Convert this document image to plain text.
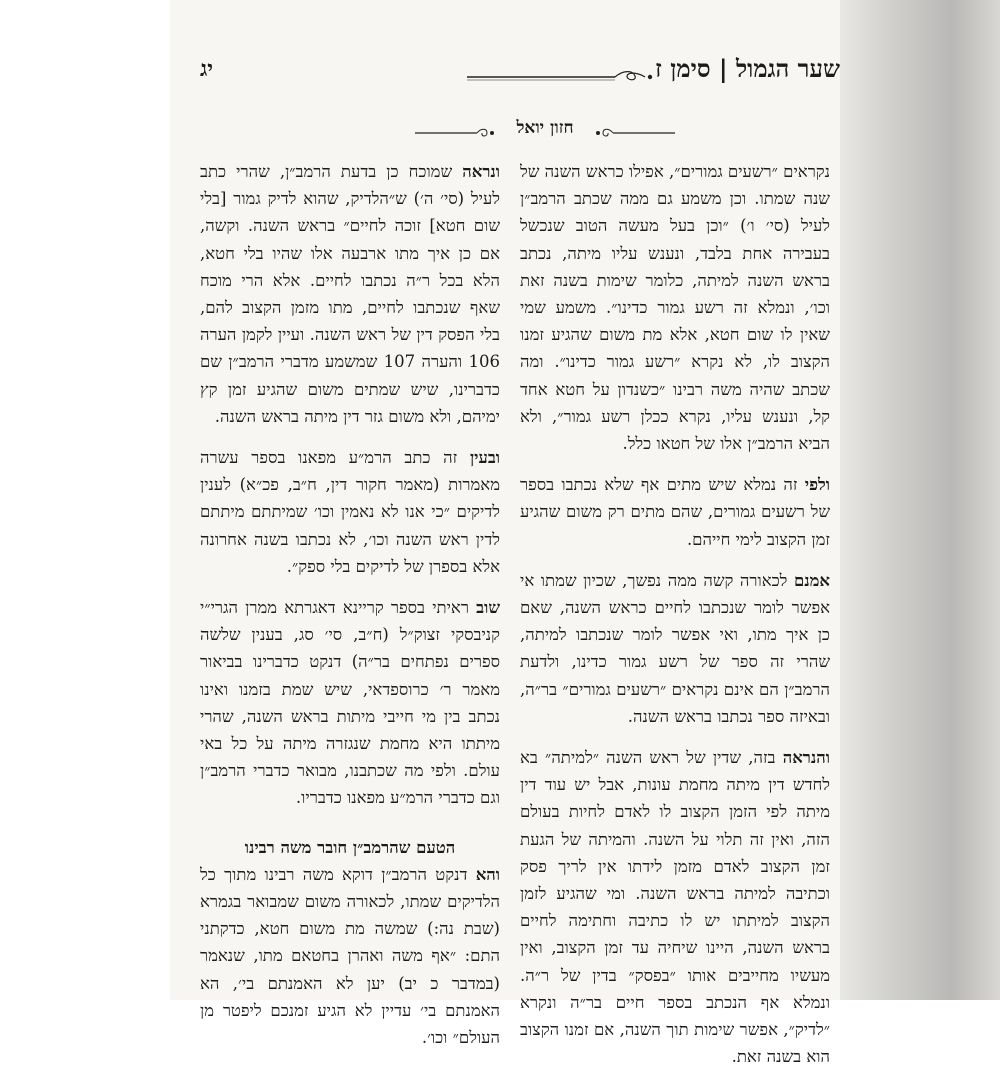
יג	שער הגמול | סימן ז
חזון יואל

נקראים ״רשעים גמורים״, אפילו כראש השנה של שנה שמתו. וכן משמע גם ממה שכתב הרמב״ן לעיל (סי׳ ו׳) ״וכן בעל מעשה הטוב שנכשל בעבירה אחת בלבד, ונענש עליו מיתה, נכתב בראש השנה למיתה, כלומר שימות בשנה זאת וכו׳, ונמלא זה רשע גמור כדינו״. משמע שמי שאין לו שום חטא, אלא מת משום שהגיע זמנו הקצוב לו, לא נקרא ״רשע גמור כדינו״. ומה שכתב שהיה משה רבינו ״כשנדון על חטא אחד קל, ונענש עליו, נקרא ככלן רשע גמור״, ולא הביא הרמב״ן אלו של חטאו כלל.

ולפי זה נמלא שיש מתים אף שלא נכתבו בספר של רשעים גמורים, שהם מתים רק משום שהגיע זמן הקצוב לימי חייהם.

אמנם לכאורה קשה ממה נפשך, שכיון שמתו אי אפשר לומר שנכתבו לחיים כראש השנה, שאם כן איך מתו, ואי אפשר לומר שנכתבו למיתה, שהרי זה ספר של רשע גמור כדינו, ולדעת הרמב״ן הם אינם נקראים ״רשעים גמורים״ בר״ה, ובאיזה ספר נכתבו בראש השנה.

והנראה בזה, שדין של ראש השנה ״למיתה״ בא לחדש דין מיתה מחמת עונות, אבל יש עוד דין מיתה לפי הזמן הקצוב לו לאדם לחיות בעולם הזה, ואין זה תלוי על השנה. והמיתה של הגעת זמן הקצוב לאדם מזמן לידתו אין לריך פסק וכתיבה למיתה בראש השנה. ומי שהגיע לזמן הקצוב למיתתו יש לו כתיבה וחתימה לחיים בראש השנה, היינו שיחיה עד זמן הקצוב, ואין מעשיו מחייבים אותו ״בפסק״ בדין של ר״ה. ונמלא אף הנכתב בספר חיים בר״ה ונקרא ״לדיק״, אפשר שימות תוך השנה, אם זמנו הקצוב הוא בשנה זאת.

ונראה שמוכח כן בדעת הרמב״ן, שהרי כתב לעיל (סי׳ ה׳) ש״הלדיק, שהוא לדיק גמור [בלי שום חטא] זוכה לחיים״ בראש השנה. וקשה, אם כן איך מתו ארבעה אלו שהיו בלי חטא, הלא בכל ר״ה נכתבו לחיים. אלא הרי מוכח שאף שנכתבו לחיים, מתו מזמן הקצוב להם, בלי הפסק דין של ראש השנה. ועיין לקמן הערה 106 והערה 107 שמשמע מדברי הרמב״ן שם כדברינו, שיש שמתים משום שהגיע זמן קץ ימיהם, ולא משום גזר דין מיתה בראש השנה.

ובעין זה כתב הרמ״ע מפאנו בספר עשרה מאמרות (מאמר חקור דין, ח״ב, פכ״א) לענין לדיקים ״כי אנו לא נאמין וכו׳ שמיתתם מיתתם לדין ראש השנה וכו׳, לא נכתבו בשנה אחרונה אלא בספרן של לדיקים בלי ספק״.

שוב ראיתי בספר קריינא דאגרתא ממרן הגרי״י קניבסקי זצוק״ל (ח״ב, סי׳ סג, בענין שלשה ספרים נפתחים בר״ה) דנקט כדברינו בביאור מאמר ר׳ כרוספדאי, שיש שמת בזמנו ואינו נכתב בין מי חייבי מיתות בראש השנה, שהרי מיתתו היא מחמת שנגזרה מיתה על כל באי עולם. ולפי מה שכתבנו, מבואר כדברי הרמב״ן וגם כדברי הרמ״ע מפאנו כדבריו.

הטעם שהרמב״ן חובר משה רבינו

והא דנקט הרמב״ן דוקא משה רבינו מתוך כל הלדיקים שמתו, לכאורה משום שמבואר בגמרא (שבת נה:) שמשה מת משום חטא, כדקתני התם: ״אף משה ואהרן בחטאם מתו, שנאמר (במדבר כ יב) יען לא האמנתם בי׳, הא האמנתם בי׳ עדיין לא הגיע זמנכם ליפטר מן העולם״ וכו׳.
